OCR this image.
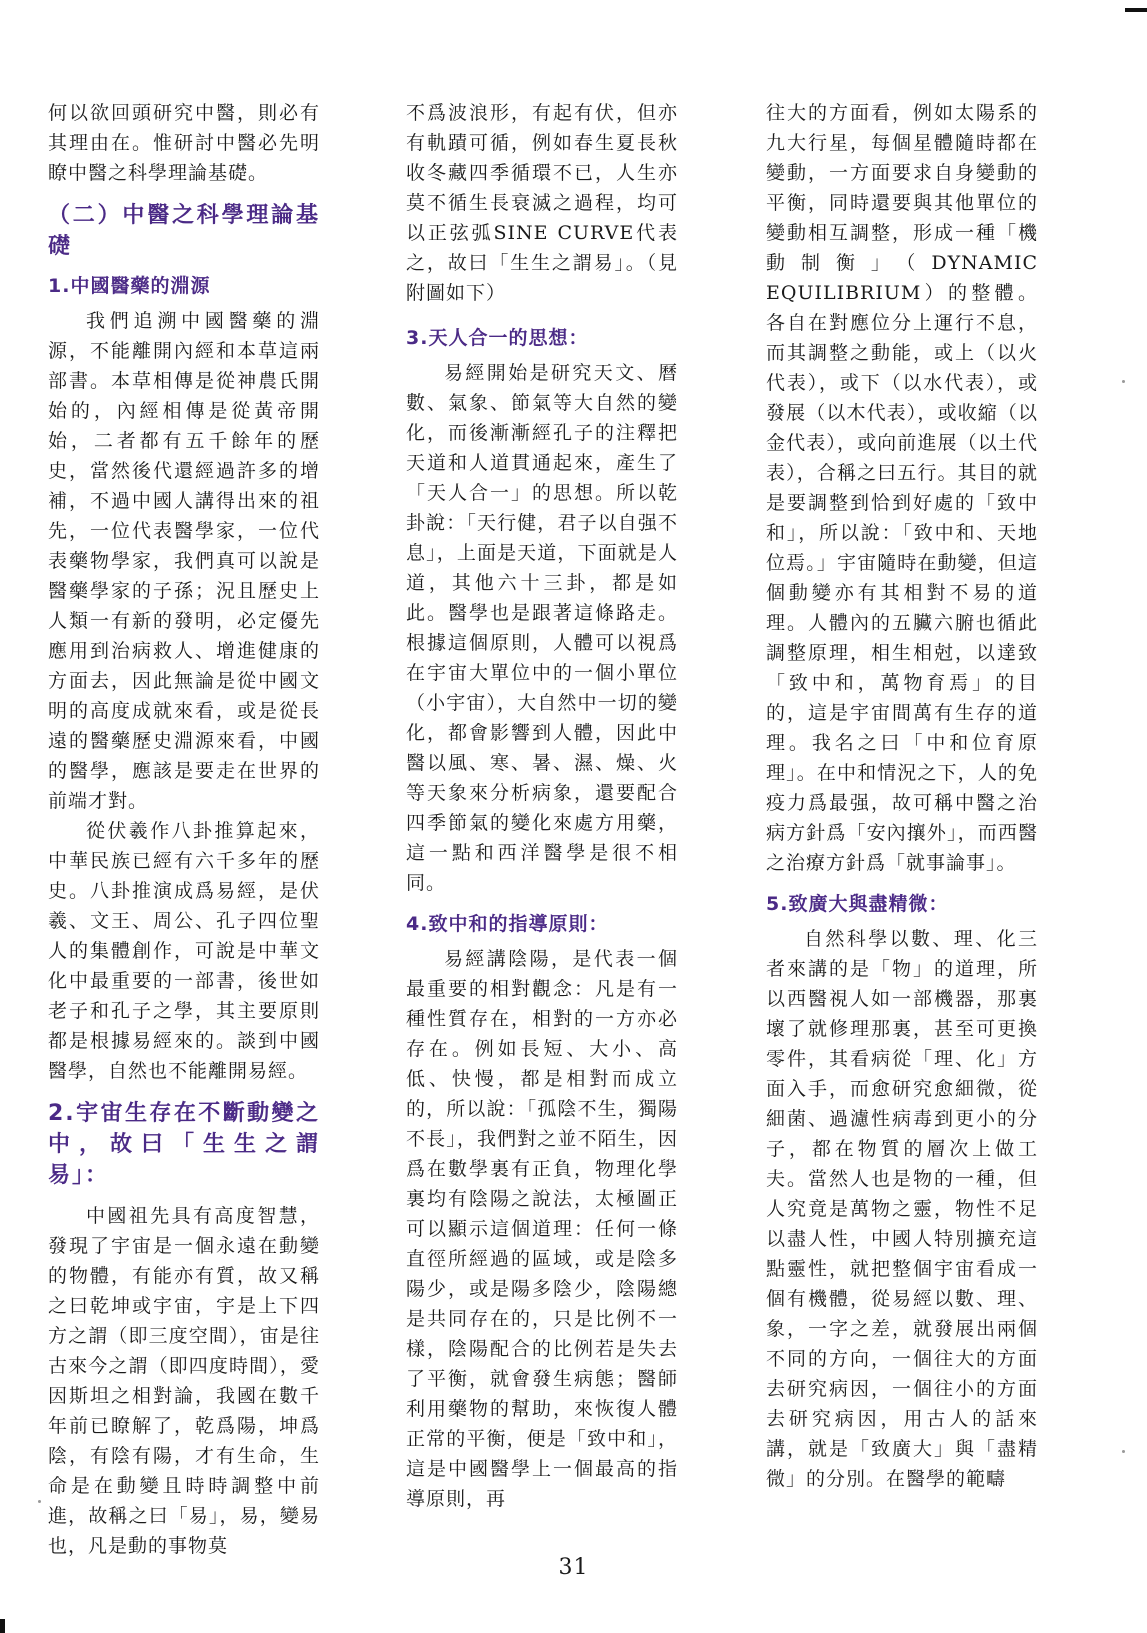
何以欲回頭研究中醫，則必有其理由在。惟研討中醫必先明瞭中醫之科學理論基礎。

（二）中醫之科學理論基礎
1.中國醫藥的淵源

我們追溯中國醫藥的淵源，不能離開內經和本草這兩部書。本草相傳是從神農氏開始的，內經相傳是從黃帝開始，二者都有五千餘年的歷史，當然後代還經過許多的增補，不過中國人講得出來的祖先，一位代表醫學家，一位代表藥物學家，我們真可以說是醫藥學家的子孫；況且歷史上人類一有新的發明，必定優先應用到治病救人、增進健康的方面去，因此無論是從中國文明的高度成就來看，或是從長遠的醫藥歷史淵源來看，中國的醫學，應該是要走在世界的前端才對。

從伏羲作八卦推算起來，中華民族已經有六千多年的歷史。八卦推演成爲易經，是伏羲、文王、周公、孔子四位聖人的集體創作，可說是中華文化中最重要的一部書，後世如老子和孔子之學，其主要原則都是根據易經來的。談到中國醫學，自然也不能離開易經。

2.宇宙生存在不斷動變之中，故曰「生生之謂易」：

中國祖先具有高度智慧，發現了宇宙是一個永遠在動變的物體，有能亦有質，故又稱之曰乾坤或宇宙，宇是上下四方之謂（即三度空間），宙是往古來今之謂（即四度時間），愛因斯坦之相對論，我國在數千年前已瞭解了，乾爲陽，坤爲陰，有陰有陽，才有生命，生命是在動變且時時調整中前進，故稱之曰「易」，易，變易也，凡是動的事物莫

不爲波浪形，有起有伏，但亦有軌蹟可循，例如春生夏長秋收冬藏四季循環不已，人生亦莫不循生長衰滅之過程，均可以正弦弧SINE CURVE代表之，故曰「生生之謂易」。（見附圖如下）

3.天人合一的思想：

易經開始是研究天文、曆數、氣象、節氣等大自然的變化，而後漸漸經孔子的注釋把天道和人道貫通起來，產生了「天人合一」的思想。所以乾卦說：「天行健，君子以自强不息」，上面是天道，下面就是人道，其他六十三卦，都是如此。醫學也是跟著這條路走。根據這個原則，人體可以視爲在宇宙大單位中的一個小單位（小宇宙），大自然中一切的變化，都會影響到人體，因此中醫以風、寒、暑、濕、燥、火等天象來分析病象，還要配合四季節氣的變化來處方用藥，這一點和西洋醫學是很不相同。

4.致中和的指導原則：

易經講陰陽，是代表一個最重要的相對觀念：凡是有一種性質存在，相對的一方亦必存在。例如長短、大小、高低、快慢，都是相對而成立的，所以說：「孤陰不生，獨陽不長」，我們對之並不陌生，因爲在數學裏有正負，物理化學裏均有陰陽之說法，太極圖正可以顯示這個道理：任何一條直徑所經過的區域，或是陰多陽少，或是陽多陰少，陰陽總是共同存在的，只是比例不一樣，陰陽配合的比例若是失去了平衡，就會發生病態；醫師利用藥物的幫助，來恢復人體正常的平衡，便是「致中和」，這是中國醫學上一個最高的指導原則，再

往大的方面看，例如太陽系的九大行星，每個星體隨時都在變動，一方面要求自身變動的平衡，同時還要與其他單位的變動相互調整，形成一種「機動制衡」（DYNAMIC EQUILIBRIUM）的整體。各自在對應位分上運行不息，而其調整之動能，或上（以火代表），或下（以水代表），或發展（以木代表），或收縮（以金代表），或向前進展（以土代表），合稱之曰五行。其目的就是要調整到恰到好處的「致中和」，所以說：「致中和、天地位焉。」宇宙隨時在動變，但這個動變亦有其相對不易的道理。人體內的五臟六腑也循此調整原理，相生相尅，以達致「致中和，萬物育焉」的目的，這是宇宙間萬有生存的道理。我名之曰「中和位育原理」。在中和情況之下，人的免疫力爲最强，故可稱中醫之治病方針爲「安內攘外」，而西醫之治療方針爲「就事論事」。

5.致廣大與盡精微：

自然科學以數、理、化三者來講的是「物」的道理，所以西醫視人如一部機器，那裏壞了就修理那裏，甚至可更換零件，其看病從「理、化」方面入手，而愈研究愈細微，從細菌、過濾性病毒到更小的分子，都在物質的層次上做工夫。當然人也是物的一種，但人究竟是萬物之靈，物性不足以盡人性，中國人特別擴充這點靈性，就把整個宇宙看成一個有機體，從易經以數、理、象，一字之差，就發展出兩個不同的方向，一個往大的方面去研究病因，一個往小的方面去研究病因，用古人的話來講，就是「致廣大」與「盡精微」的分別。在醫學的範疇

31
